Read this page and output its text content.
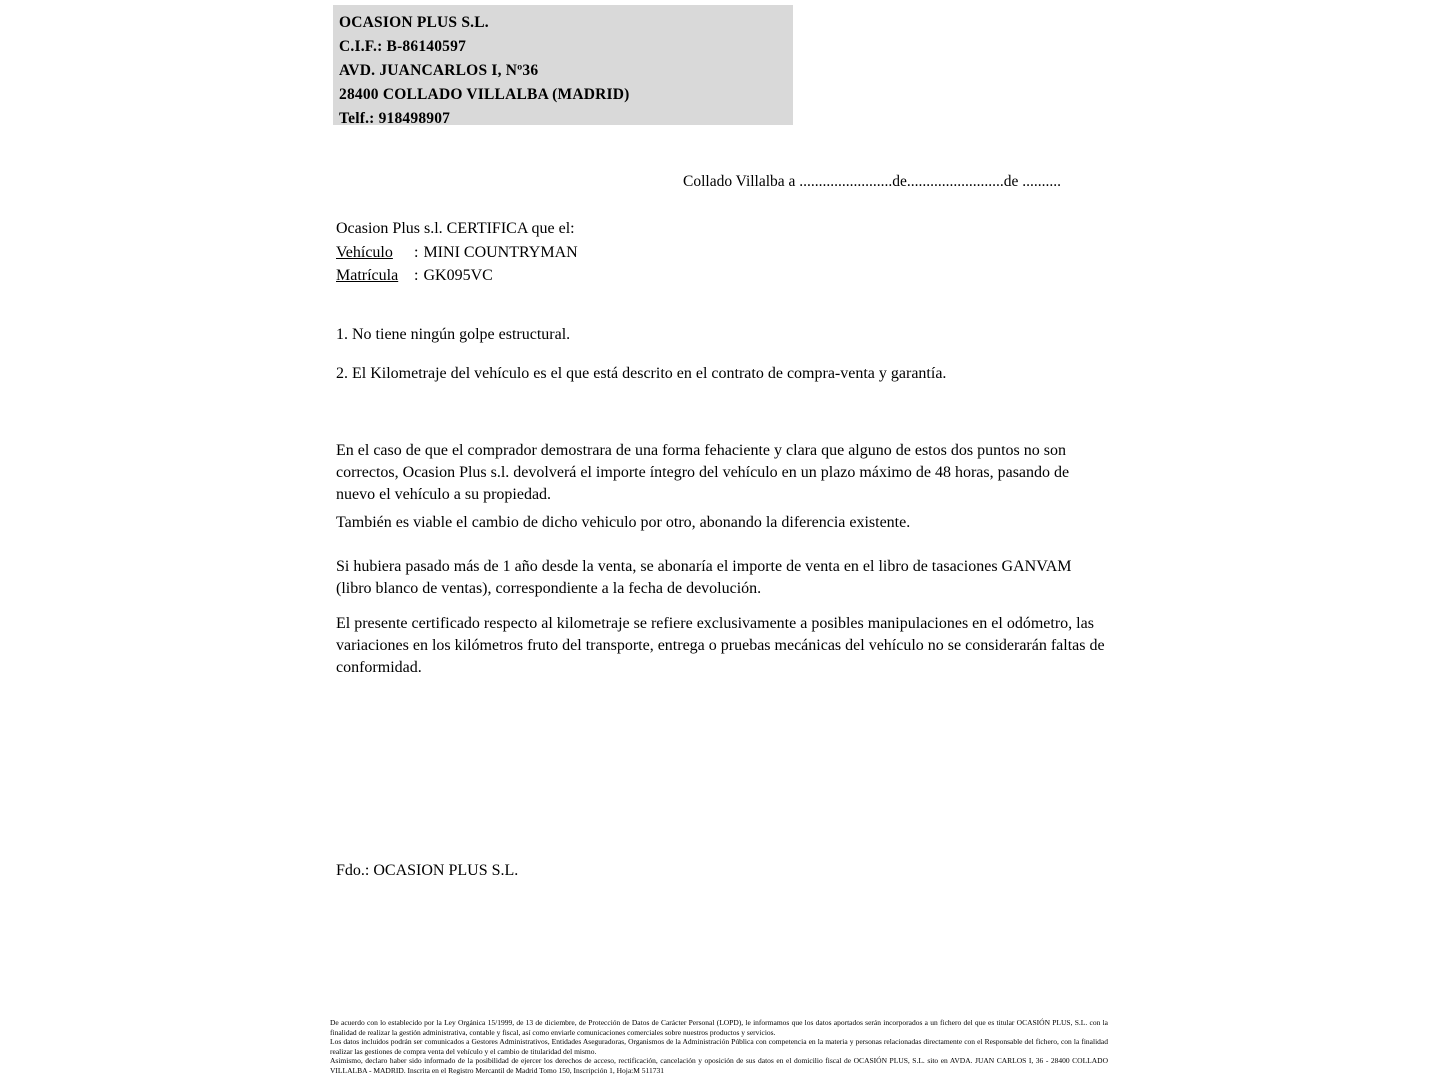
OCASION PLUS S.L.
C.I.F.: B-86140597
AVD. JUANCARLOS I, Nº36
28400 COLLADO VILLALBA (MADRID)
Telf.: 918498907
Collado Villalba a ........................de.........................de ..........
Ocasion Plus s.l. CERTIFICA que el:
Vehículo : MINI COUNTRYMAN
Matrícula : GK095VC
1. No tiene ningún golpe estructural.
2. El Kilometraje del vehículo es el que está descrito en el contrato de compra-venta y garantía.
En el caso de que el comprador demostrara de una forma fehaciente y clara que alguno de estos dos puntos no son correctos, Ocasion Plus s.l. devolverá el importe íntegro del vehículo en un plazo máximo de 48 horas, pasando de nuevo el vehículo a su propiedad.
También es viable el cambio de dicho vehiculo por otro, abonando la diferencia existente.
Si hubiera pasado más de 1 año desde la venta, se abonaría el importe de venta en el libro de tasaciones GANVAM (libro blanco de ventas), correspondiente a la fecha de devolución.
El presente certificado respecto al kilometraje se refiere exclusivamente a posibles manipulaciones en el odómetro, las variaciones en los kilómetros fruto del transporte, entrega o pruebas mecánicas del vehículo no se considerarán faltas de conformidad.
Fdo.: OCASION PLUS S.L.
De acuerdo con lo establecido por la Ley Orgánica 15/1999, de 13 de diciembre, de Protección de Datos de Carácter Personal (LOPD), le informamos que los datos aportados serán incorporados a un fichero del que es titular OCASIÓN PLUS, S.L. con la finalidad de realizar la gestión administrativa, contable y fiscal, así como enviarle comunicaciones comerciales sobre nuestros productos y servicios.
Los datos incluidos podrán ser comunicados a Gestores Administrativos, Entidades Aseguradoras, Organismos de la Administración Pública con competencia en la materia y personas relacionadas directamente con el Responsable del fichero, con la finalidad realizar las gestiones de compra venta del vehículo y el cambio de titularidad del mismo.
Asimismo, declaro haber sido informado de la posibilidad de ejercer los derechos de acceso, rectificación, cancelación y oposición de sus datos en el domicilio fiscal de OCASIÓN PLUS, S.L. sito en AVDA. JUAN CARLOS I, 36 - 28400 COLLADO VILLALBA - MADRID. Inscrita en el Registro Mercantil de Madrid Tomo 150, Inscripción 1, Hoja:M 511731
